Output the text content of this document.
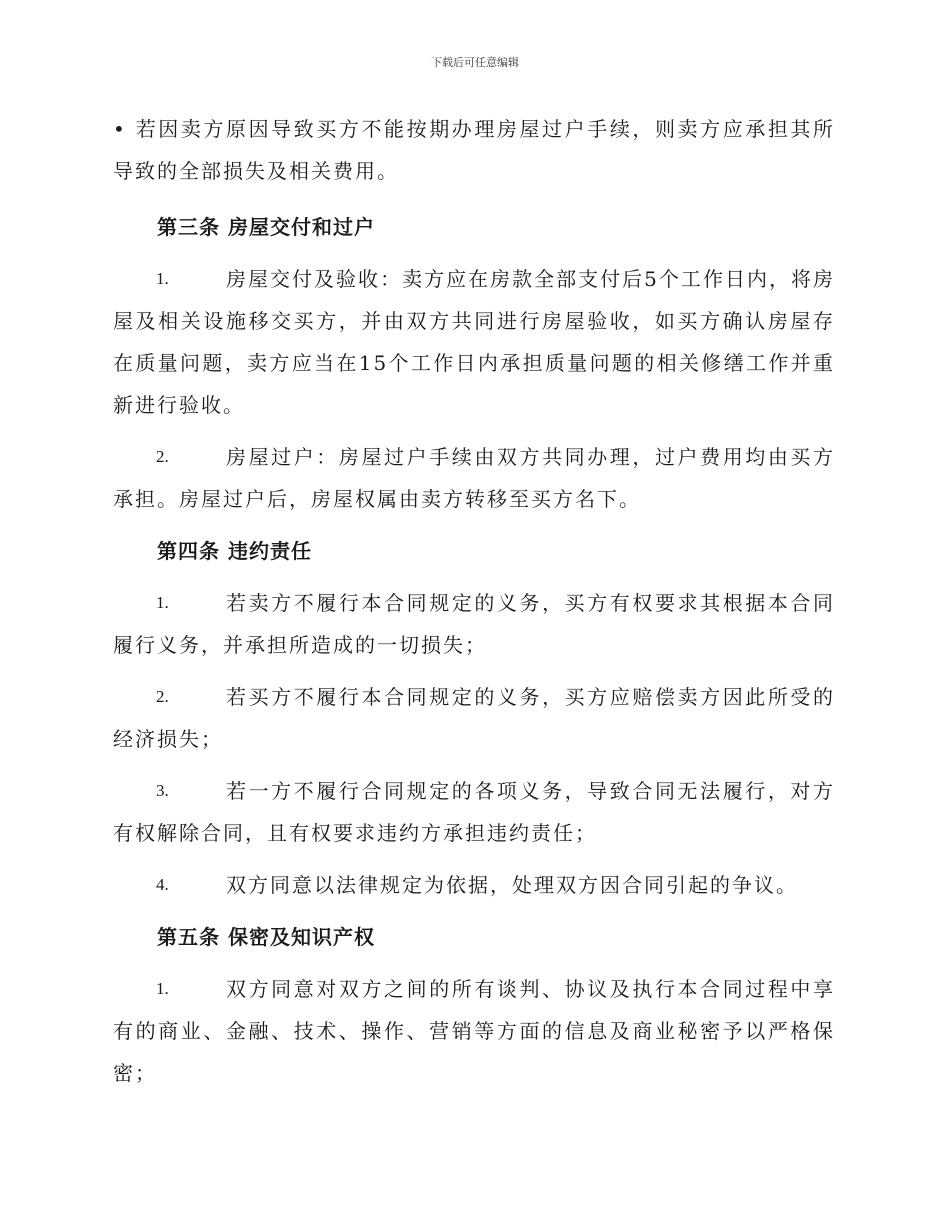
下载后可任意编辑

• 若因卖方原因导致买方不能按期办理房屋过户手续，则卖方应承担其所导致的全部损失及相关费用。

第三条 房屋交付和过户
1.	房屋交付及验收：卖方应在房款全部支付后5个工作日内，将房屋及相关设施移交买方，并由双方共同进行房屋验收，如买方确认房屋存在质量问题，卖方应当在15个工作日内承担质量问题的相关修缮工作并重新进行验收。
2.	房屋过户：房屋过户手续由双方共同办理，过户费用均由买方承担。房屋过户后，房屋权属由卖方转移至买方名下。
第四条 违约责任
1.	若卖方不履行本合同规定的义务，买方有权要求其根据本合同履行义务，并承担所造成的一切损失；
2.	若买方不履行本合同规定的义务，买方应赔偿卖方因此所受的经济损失；
3.	若一方不履行合同规定的各项义务，导致合同无法履行，对方有权解除合同，且有权要求违约方承担违约责任；
4.	双方同意以法律规定为依据，处理双方因合同引起的争议。
第五条 保密及知识产权
1.	双方同意对双方之间的所有谈判、协议及执行本合同过程中享有的商业、金融、技术、操作、营销等方面的信息及商业秘密予以严格保密；
